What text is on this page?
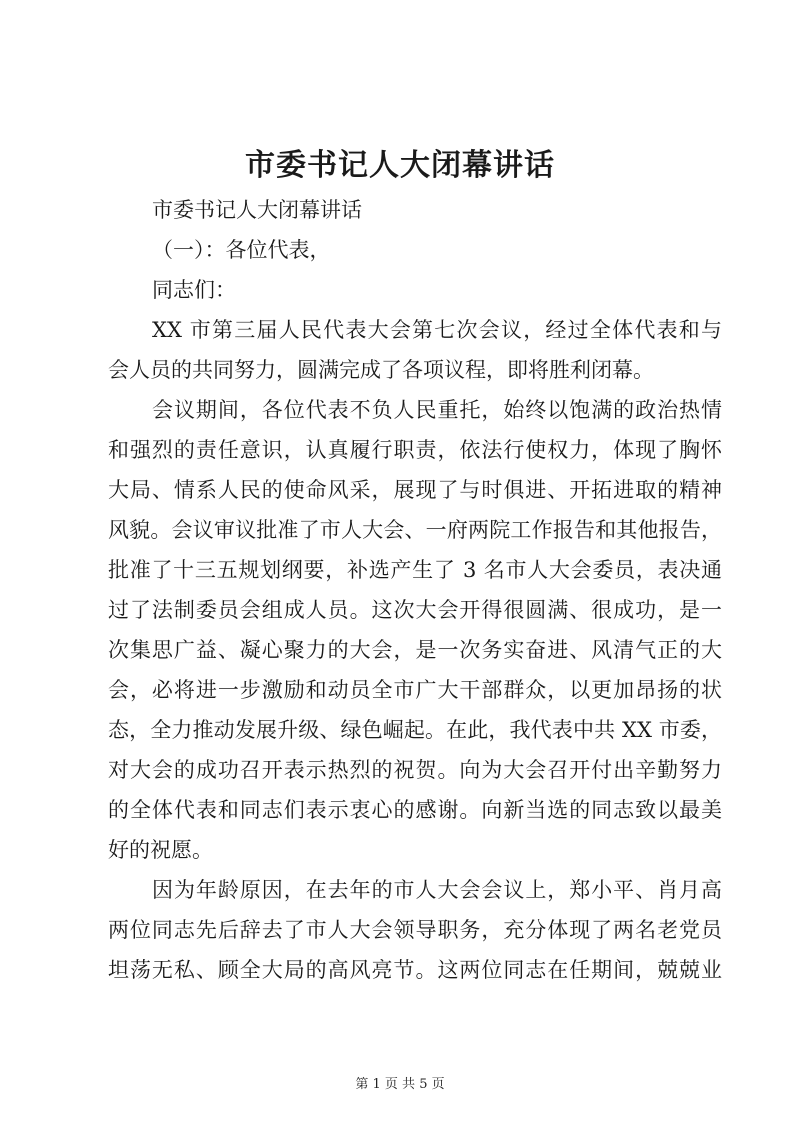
市委书记人大闭幕讲话
市委书记人大闭幕讲话
（一）：各位代表，
同志们：
XX 市第三届人民代表大会第七次会议，经过全体代表和与
会人员的共同努力，圆满完成了各项议程，即将胜利闭幕。
会议期间，各位代表不负人民重托，始终以饱满的政治热情
和强烈的责任意识，认真履行职责，依法行使权力，体现了胸怀
大局、情系人民的使命风采，展现了与时俱进、开拓进取的精神
风貌。会议审议批准了市人大会、一府两院工作报告和其他报告，
批准了十三五规划纲要，补选产生了 3 名市人大会委员，表决通
过了法制委员会组成人员。这次大会开得很圆满、很成功，是一
次集思广益、凝心聚力的大会，是一次务实奋进、风清气正的大
会，必将进一步激励和动员全市广大干部群众，以更加昂扬的状
态，全力推动发展升级、绿色崛起。在此，我代表中共 XX 市委，
对大会的成功召开表示热烈的祝贺。向为大会召开付出辛勤努力
的全体代表和同志们表示衷心的感谢。向新当选的同志致以最美
好的祝愿。
因为年龄原因，在去年的市人大会会议上，郑小平、肖月高
两位同志先后辞去了市人大会领导职务，充分体现了两名老党员
坦荡无私、顾全大局的高风亮节。这两位同志在任期间，兢兢业
第 1 页 共 5 页
